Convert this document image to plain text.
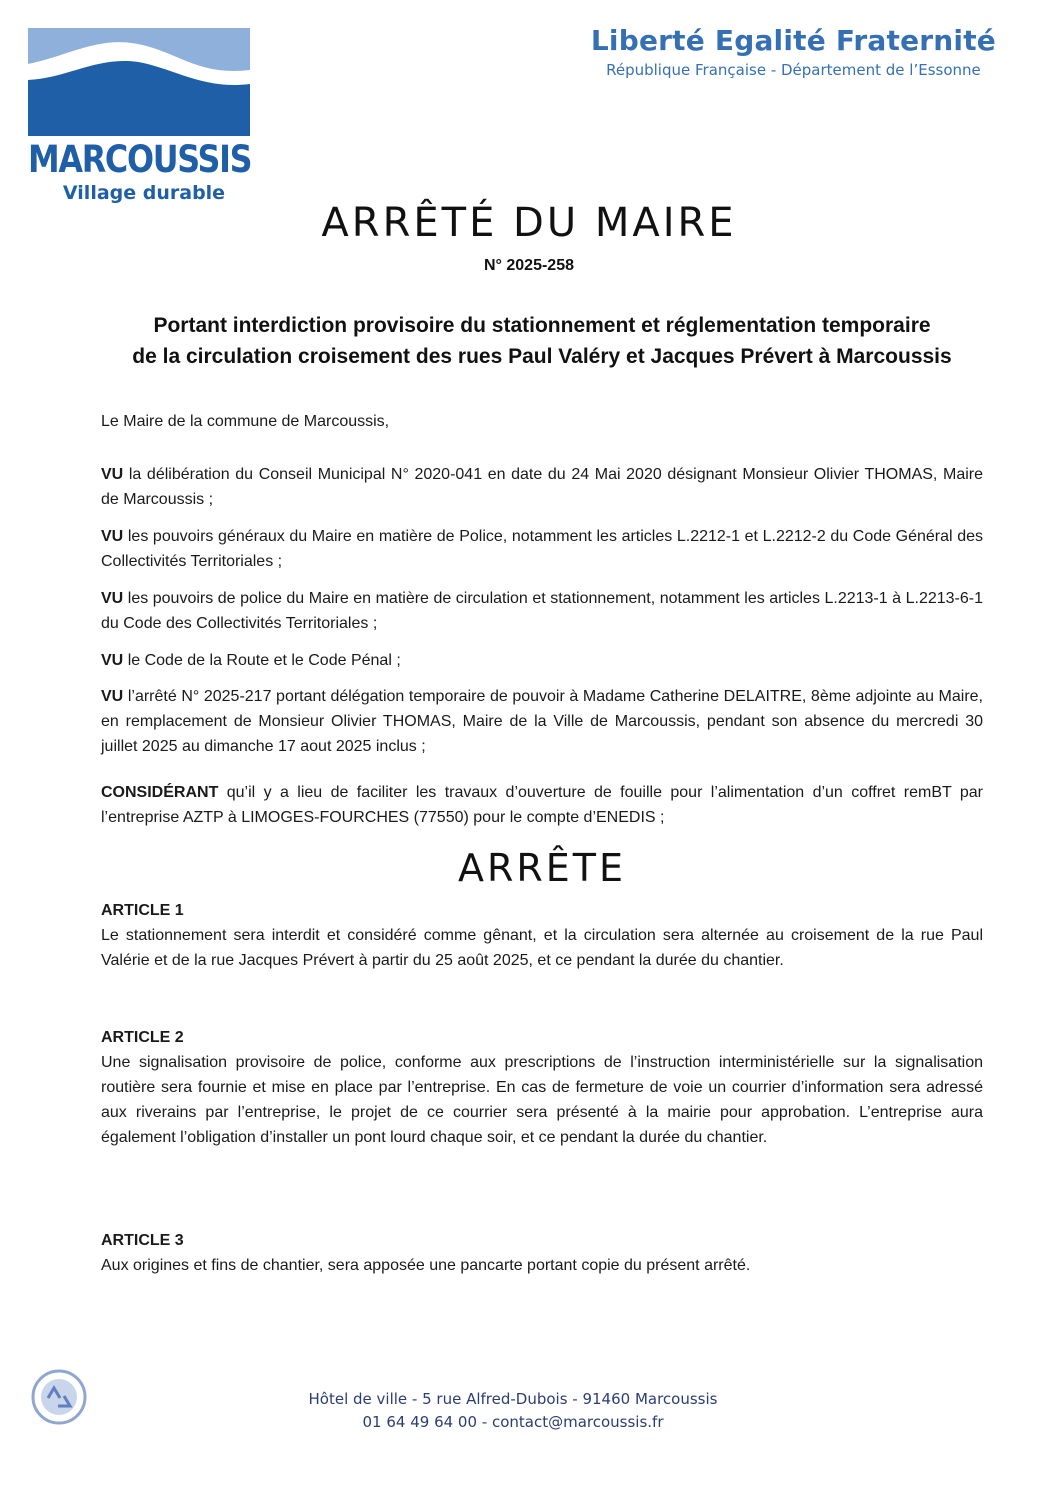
MARCOUSSIS
Village durable
Liberté Egalité Fraternité
République Française - Département de l’Essonne
ARRÊTÉ DU MAIRE
N° 2025-258
Portant interdiction provisoire du stationnement et réglementation temporaire
de la circulation croisement des rues Paul Valéry et Jacques Prévert à Marcoussis

Le Maire de la commune de Marcoussis,

VU la délibération du Conseil Municipal N° 2020-041 en date du 24 Mai 2020 désignant Monsieur Olivier THOMAS, Maire de Marcoussis ;

VU les pouvoirs généraux du Maire en matière de Police, notamment les articles L.2212-1 et L.2212-2 du Code Général des Collectivités Territoriales ;

VU les pouvoirs de police du Maire en matière de circulation et stationnement, notamment les articles L.2213-1 à L.2213-6-1 du Code des Collectivités Territoriales ;

VU le Code de la Route et le Code Pénal ;

VU l’arrêté N° 2025-217 portant délégation temporaire de pouvoir à Madame Catherine DELAITRE, 8ème adjointe au Maire, en remplacement de Monsieur Olivier THOMAS, Maire de la Ville de Marcoussis, pendant son absence du mercredi 30 juillet 2025 au dimanche 17 aout 2025 inclus ;

CONSIDÉRANT qu’il y a lieu de faciliter les travaux d’ouverture de fouille pour l’alimentation d’un coffret remBT par l’entreprise AZTP à LIMOGES-FOURCHES (77550) pour le compte d’ENEDIS ;

ARRÊTE
ARTICLE 1

Le stationnement sera interdit et considéré comme gênant, et la circulation sera alternée au croisement de la rue Paul Valérie et de la rue Jacques Prévert à partir du 25 août 2025, et ce pendant la durée du chantier.

ARTICLE 2

Une signalisation provisoire de police, conforme aux prescriptions de l’instruction interministérielle sur la signalisation routière sera fournie et mise en place par l’entreprise. En cas de fermeture de voie un courrier d’information sera adressé aux riverains par l’entreprise, le projet de ce courrier sera présenté à la mairie pour approbation. L’entreprise aura également l’obligation d’installer un pont lourd chaque soir, et ce pendant la durée du chantier.

ARTICLE 3

Aux origines et fins de chantier, sera apposée une pancarte portant copie du présent arrêté.

Hôtel de ville - 5 rue Alfred-Dubois - 91460 Marcoussis
01 64 49 64 00 - contact@marcoussis.fr
